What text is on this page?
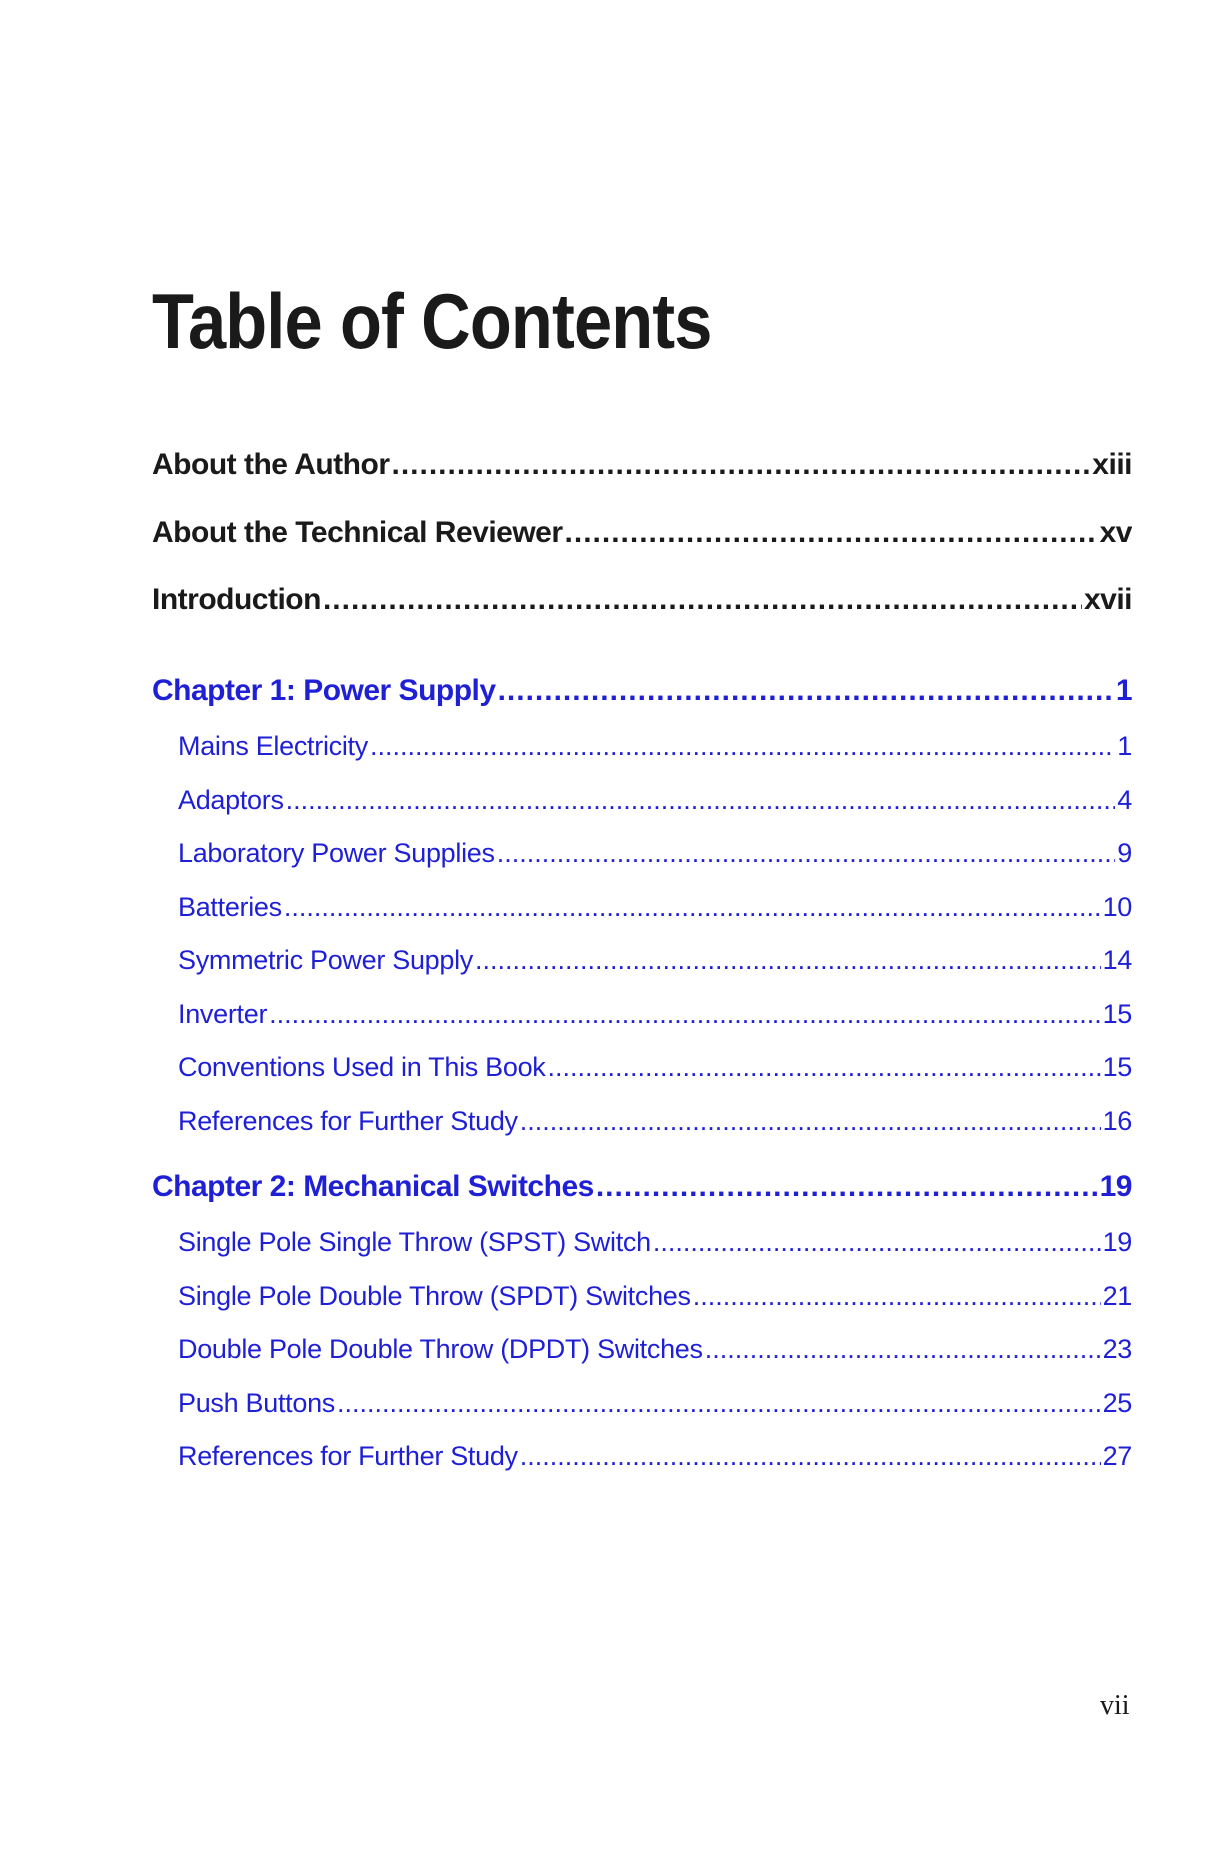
Table of Contents
About the Author .....	xiii
About the Technical Reviewer .....	xv
Introduction .....	xvii
Chapter 1: Power Supply .....	1
Mains Electricity .....	1
Adaptors .....	4
Laboratory Power Supplies .....	9
Batteries .....	10
Symmetric Power Supply .....	14
Inverter .....	15
Conventions Used in This Book .....	15
References for Further Study .....	16
Chapter 2: Mechanical Switches .....	19
Single Pole Single Throw (SPST) Switch .....	19
Single Pole Double Throw (SPDT) Switches .....	21
Double Pole Double Throw (DPDT) Switches .....	23
Push Buttons .....	25
References for Further Study .....	27
vii
